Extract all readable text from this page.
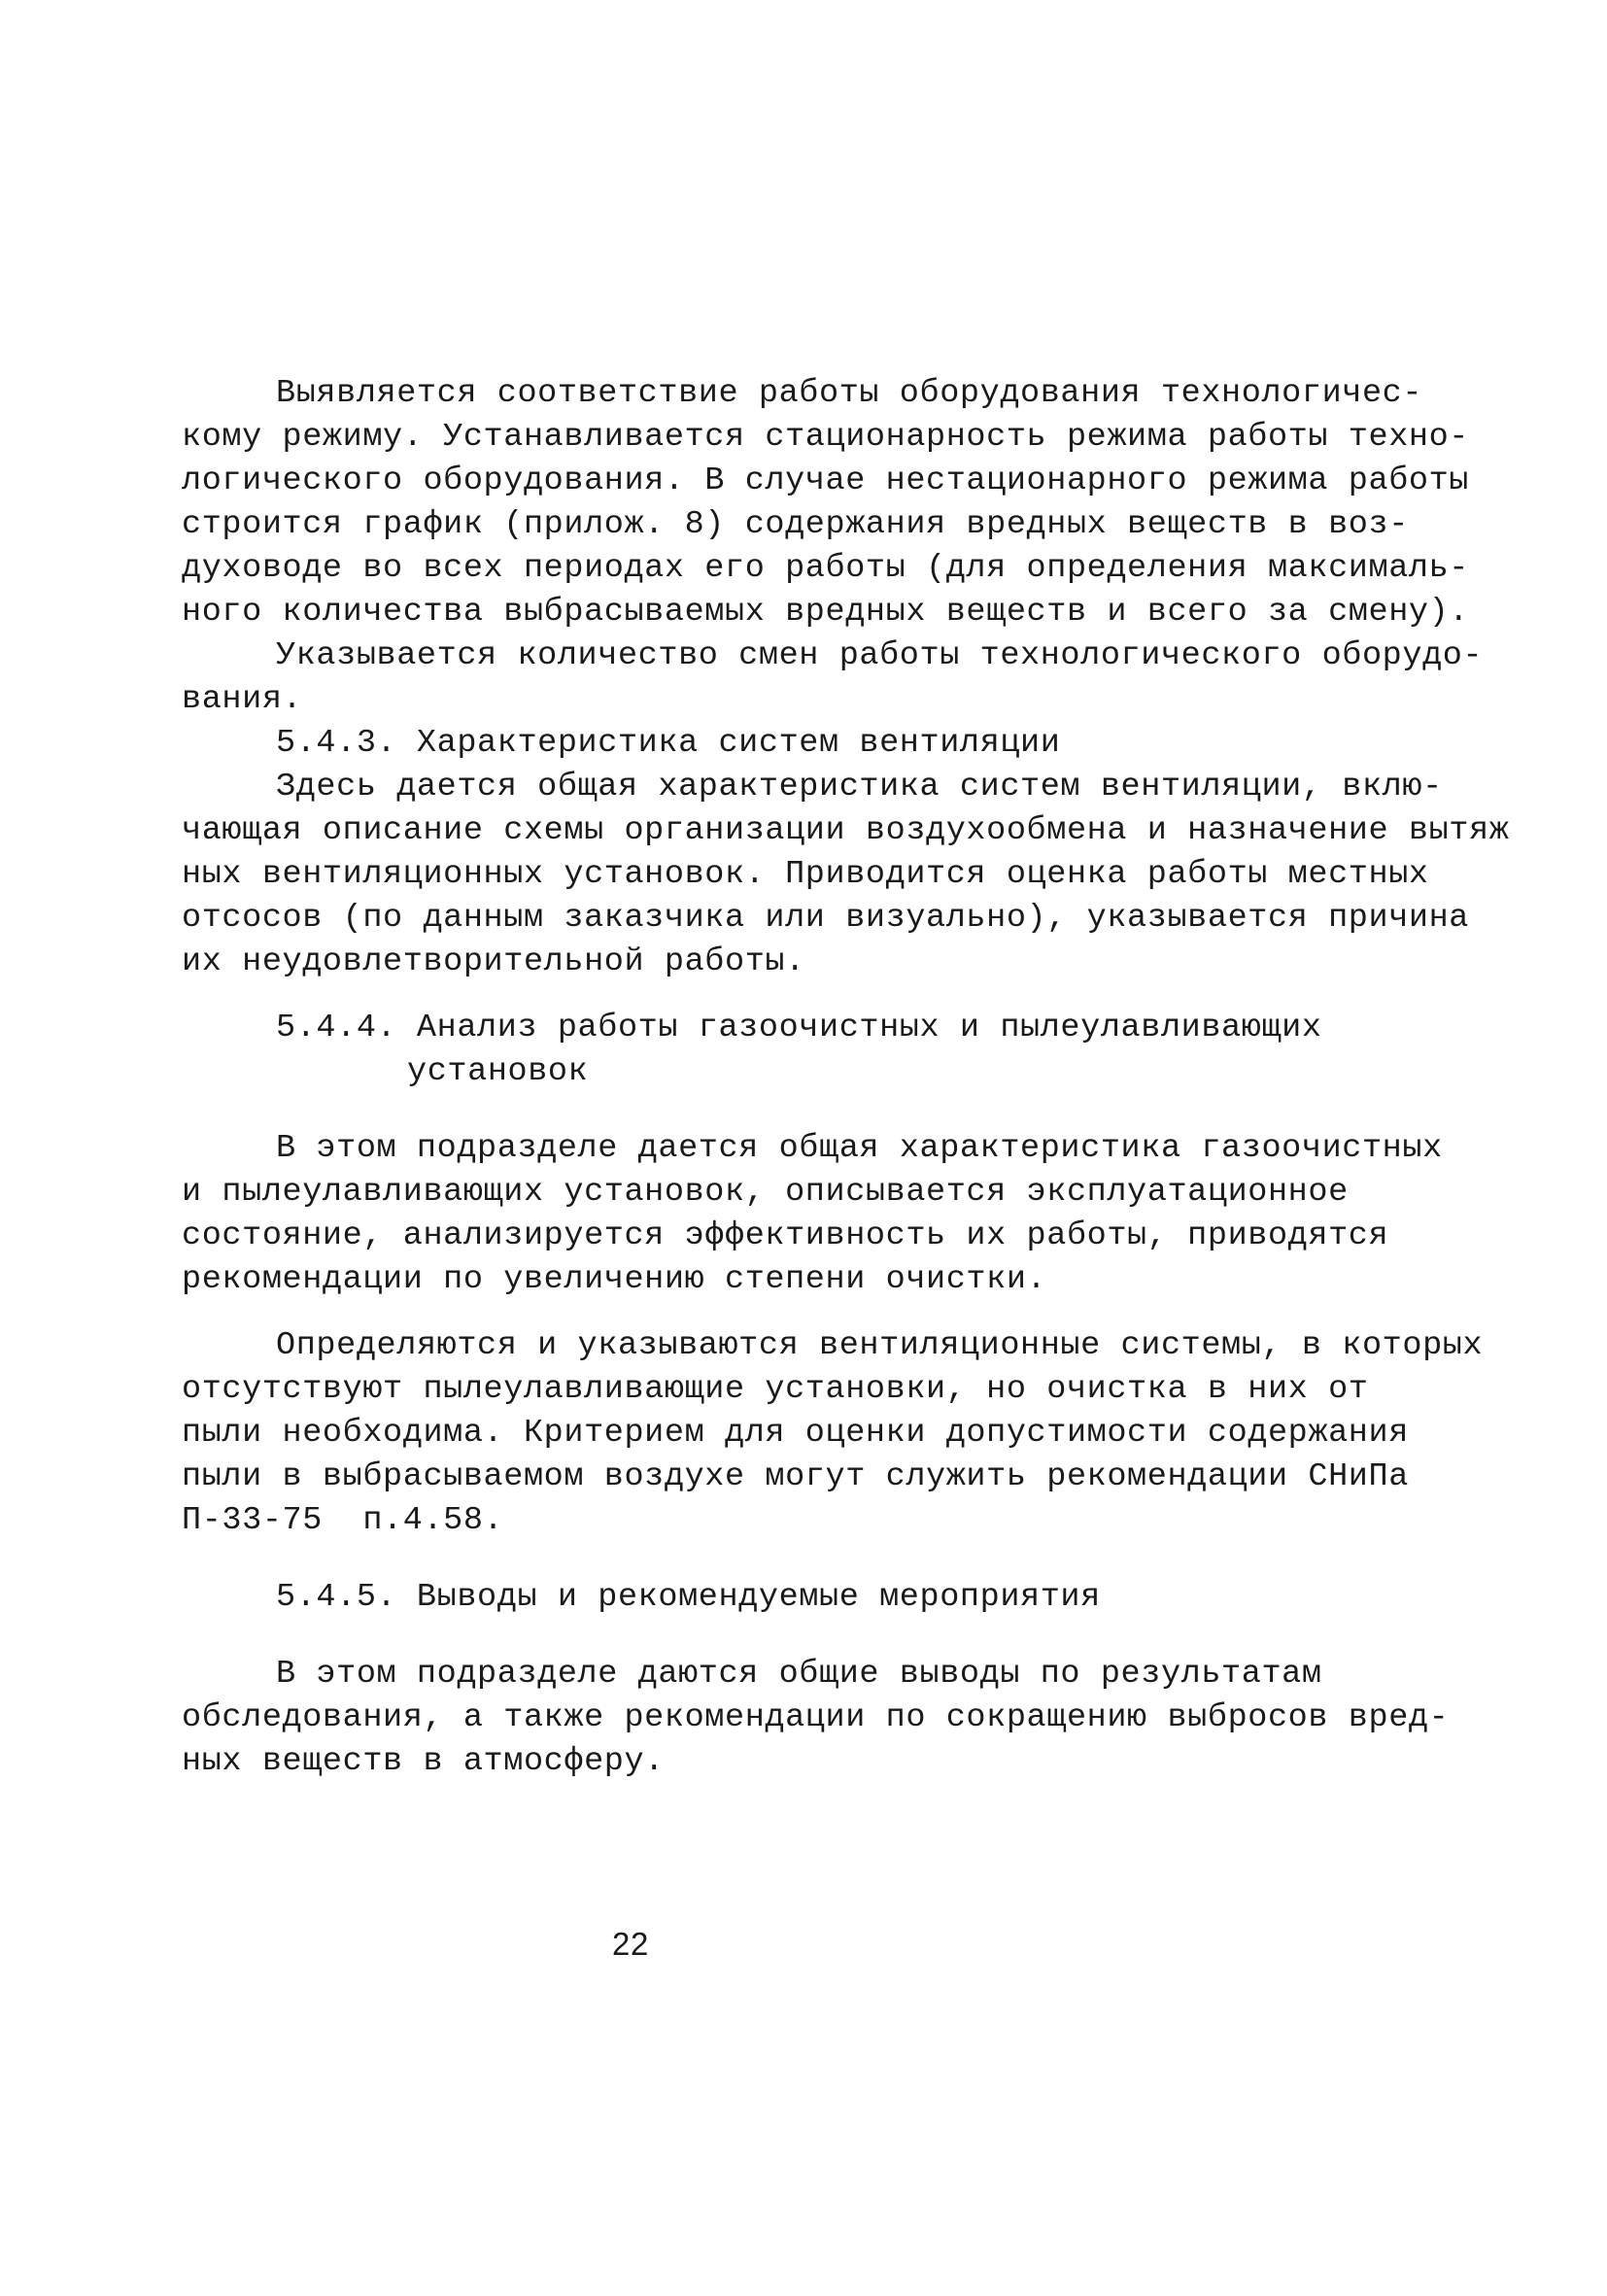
Выявляется соответствие работы оборудования технологичес-
кому режиму. Устанавливается стационарность режима работы техно-
логического оборудования. В случае нестационарного режима работы
строится график (прилож. 8) содержания вредных веществ в воз-
духоводе во всех периодах его работы (для определения максималь-
ного количества выбрасываемых вредных веществ и всего за смену).
Указывается количество смен работы технологического оборудо-
вания.
5.4.3. Характеристика систем вентиляции
Здесь дается общая характеристика систем вентиляции, вклю-
чающая описание схемы организации воздухообмена и назначение вытяж
ных вентиляционных установок. Приводится оценка работы местных
отсосов (по данным заказчика или визуально), указывается причина
их неудовлетворительной работы.
5.4.4. Анализ работы газоочистных и пылеулавливающих
установок
В этом подразделе дается общая характеристика газоочистных
и пылеулавливающих установок, описывается эксплуатационное
состояние, анализируется эффективность их работы, приводятся
рекомендации по увеличению степени очистки.
Определяются и указываются вентиляционные системы, в которых
отсутствуют пылеулавливающие установки, но очистка в них от
пыли необходима. Критерием для оценки допустимости содержания
пыли в выбрасываемом воздухе могут служить рекомендации СНиПа
П-33-75  п.4.58.
5.4.5. Выводы и рекомендуемые мероприятия
В этом подразделе даются общие выводы по результатам
обследования, а также рекомендации по сокращению выбросов вред-
ных веществ в атмосферу.
22
